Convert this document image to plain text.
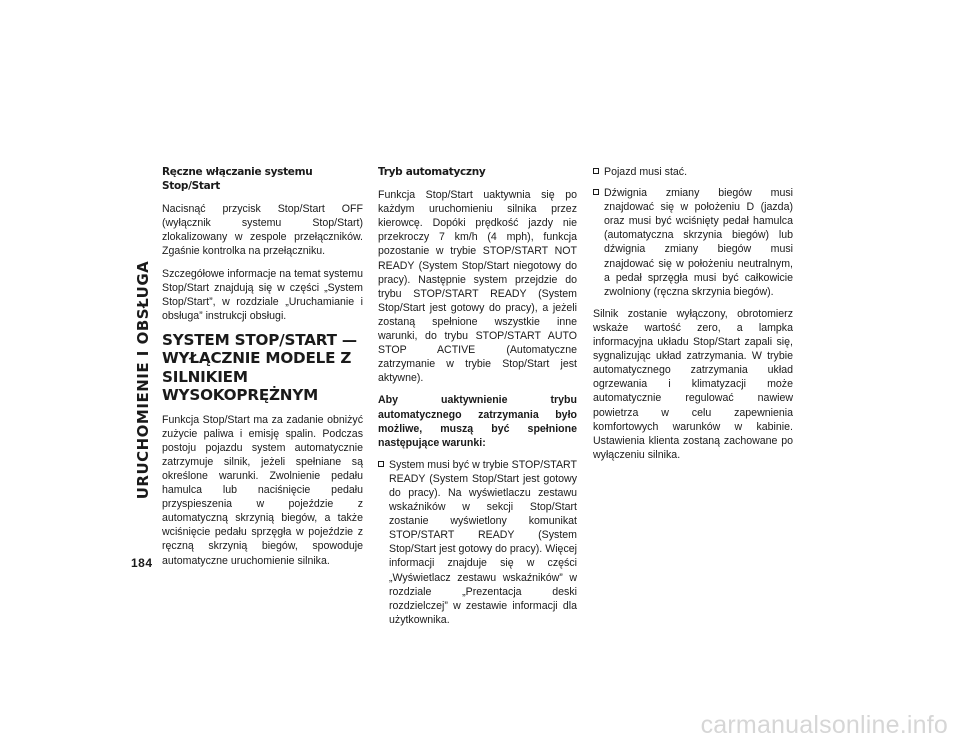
URUCHOMIENIE I OBSŁUGA
Ręczne włączanie systemu Stop/Start

Nacisnąć przycisk Stop/Start OFF (wyłącznik systemu Stop/Start) zlokalizowany w zespole przełączników. Zgaśnie kontrolka na przełączniku.

Szczegółowe informacje na temat systemu Stop/Start znajdują się w części „System Stop/Start”, w rozdziale „Uruchamianie i obsługa” instrukcji obsługi.

SYSTEM STOP/START — WYŁĄCZNIE MODELE Z SILNIKIEM WYSOKOPRĘŻNYM

Funkcja Stop/Start ma za zadanie obniżyć zużycie paliwa i emisję spalin. Podczas postoju pojazdu system automatycznie zatrzymuje silnik, jeżeli spełniane są określone warunki. Zwolnienie pedału hamulca lub naciśnięcie pedału przyspieszenia w pojeździe z automatyczną skrzynią biegów, a także wciśnięcie pedału sprzęgła w pojeździe z ręczną skrzynią biegów, spowoduje automatyczne uruchomienie silnika.

Tryb automatyczny

Funkcja Stop/Start uaktywnia się po każdym uruchomieniu silnika przez kierowcę. Dopóki prędkość jazdy nie przekroczy 7 km/h (4 mph), funkcja pozostanie w trybie STOP/START NOT READY (System Stop/Start niegotowy do pracy). Następnie system przejdzie do trybu STOP/START READY (System Stop/Start jest gotowy do pracy), a jeżeli zostaną spełnione wszystkie inne warunki, do trybu STOP/START AUTO STOP ACTIVE (Automatyczne zatrzymanie w trybie Stop/Start jest aktywne).

Aby uaktywnienie trybu automatycznego zatrzymania było możliwe, muszą być spełnione następujące warunki:

System musi być w trybie STOP/START READY (System Stop/Start jest gotowy do pracy). Na wyświetlaczu zestawu wskaźników w sekcji Stop/Start zostanie wyświetlony komunikat STOP/START READY (System Stop/Start jest gotowy do pracy). Więcej informacji znajduje się w części „Wyświetlacz zestawu wskaźników” w rozdziale „Prezentacja deski rozdzielczej” w zestawie informacji dla użytkownika.
Pojazd musi stać.
Dźwignia zmiany biegów musi znajdować się w położeniu D (jazda) oraz musi być wciśnięty pedał hamulca (automatyczna skrzynia biegów) lub dźwignia zmiany biegów musi znajdować się w położeniu neutralnym, a pedał sprzęgła musi być całkowicie zwolniony (ręczna skrzynia biegów).

Silnik zostanie wyłączony, obrotomierz wskaże wartość zero, a lampka informacyjna układu Stop/Start zapali się, sygnalizując układ zatrzymania. W trybie automatycznego zatrzymania układ ogrzewania i klimatyzacji może automatycznie regulować nawiew powietrza w celu zapewnienia komfortowych warunków w kabinie. Ustawienia klienta zostaną zachowane po wyłączeniu silnika.

184
carmanualsonline.info
